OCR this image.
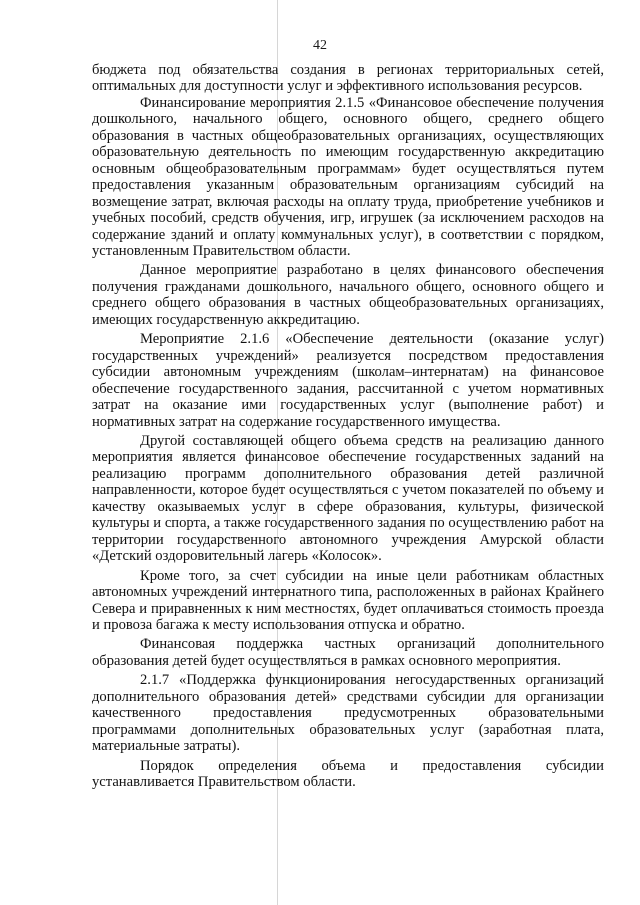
42

бюджета под обязательства создания в регионах территориальных сетей, оптимальных для доступности услуг и эффективного использования ресурсов.

Финансирование мероприятия 2.1.5 «Финансовое обеспечение получения дошкольного, начального общего, основного общего, среднего общего образования в частных общеобразовательных организациях, осуществляющих образовательную деятельность по имеющим государственную аккредитацию основным общеобразовательным программам» будет осуществляться путем предоставления указанным образовательным организациям субсидий на возмещение затрат, включая расходы на оплату труда, приобретение учебников и учебных пособий, средств обучения, игр, игрушек (за исключением расходов на содержание зданий и оплату коммунальных услуг), в соответствии с порядком, установленным Правительством области.

Данное мероприятие разработано в целях финансового обеспечения получения гражданами дошкольного, начального общего, основного общего и среднего общего образования в частных общеобразовательных организациях, имеющих государственную аккредитацию.

Мероприятие 2.1.6 «Обеспечение деятельности (оказание услуг) государственных учреждений» реализуется посредством предоставления субсидии автономным учреждениям (школам–интернатам) на финансовое обеспечение государственного задания, рассчитанной с учетом нормативных затрат на оказание ими государственных услуг (выполнение работ) и нормативных затрат на содержание государственного имущества.

Другой составляющей общего объема средств на реализацию данного мероприятия является финансовое обеспечение государственных заданий на реализацию программ дополнительного образования детей различной направленности, которое будет осуществляться с учетом показателей по объему и качеству оказываемых услуг в сфере образования, культуры, физической культуры и спорта, а также государственного задания по осуществлению работ на территории государственного автономного учреждения Амурской области «Детский оздоровительный лагерь «Колосок».

Кроме того, за счет субсидии на иные цели работникам областных автономных учреждений интернатного типа, расположенных в районах Крайнего Севера и приравненных к ним местностях, будет оплачиваться стоимость проезда и провоза багажа к месту использования отпуска и обратно.

Финансовая поддержка частных организаций дополнительного образования детей будет осуществляться в рамках основного мероприятия.

2.1.7 «Поддержка функционирования негосударственных организаций дополнительного образования детей» средствами субсидии для организации качественного предоставления предусмотренных образовательными программами дополнительных образовательных услуг (заработная плата, материальные затраты).

Порядок определения объема и предоставления субсидии устанавливается Правительством области.
